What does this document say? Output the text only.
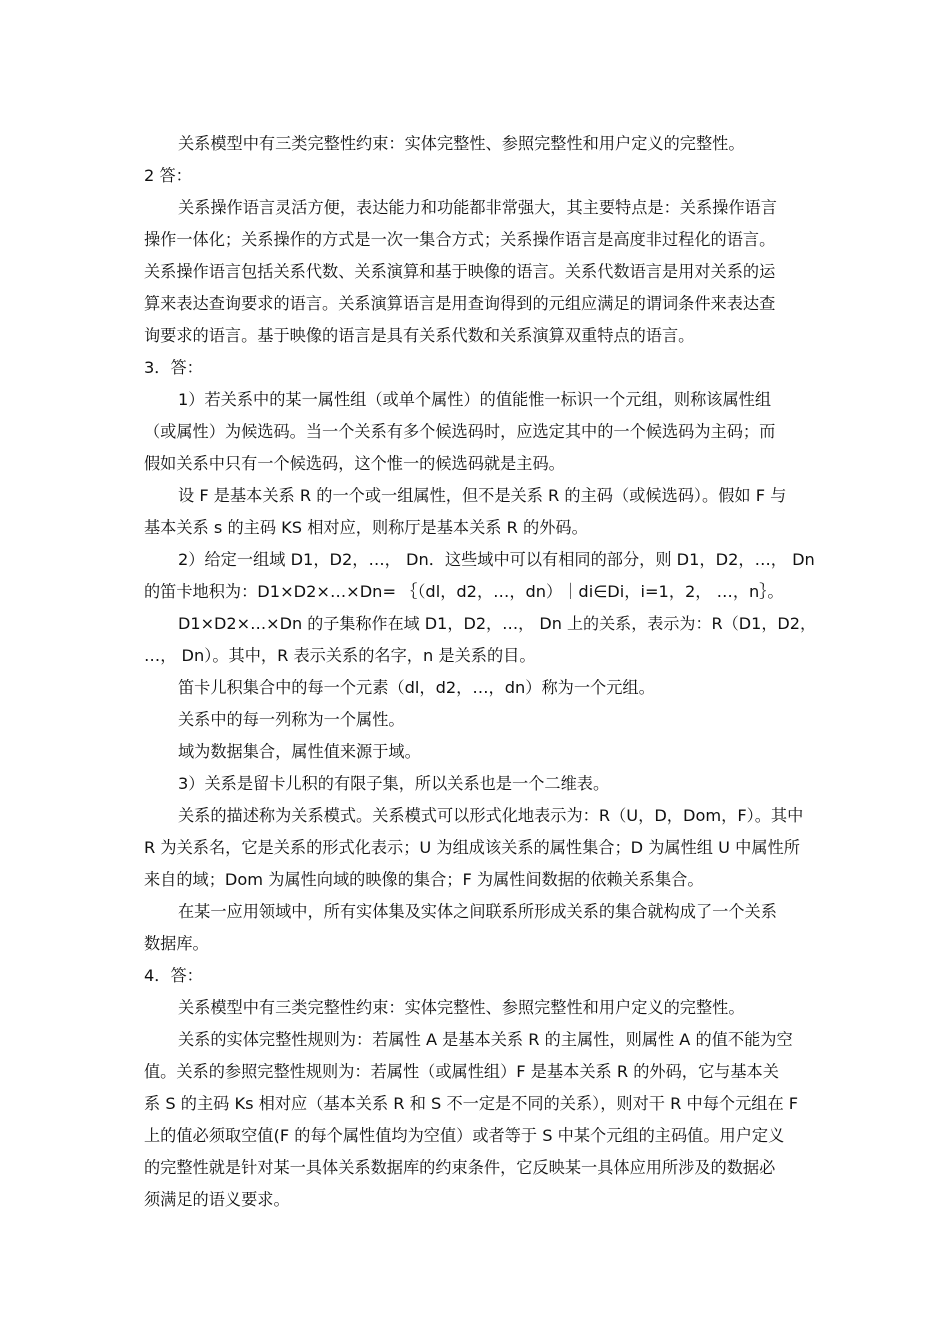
关系模型中有三类完整性约束：实体完整性、参照完整性和用户定义的完整性。
2 答：
关系操作语言灵活方便，表达能力和功能都非常强大，其主要特点是：关系操作语言
操作一体化；关系操作的方式是一次一集合方式；关系操作语言是高度非过程化的语言。
关系操作语言包括关系代数、关系演算和基于映像的语言。关系代数语言是用对关系的运
算来表达查询要求的语言。关系演算语言是用查询得到的元组应满足的谓词条件来表达查
询要求的语言。基于映像的语言是具有关系代数和关系演算双重特点的语言。
3．答：
1）若关系中的某一属性组（或单个属性）的值能惟一标识一个元组，则称该属性组
（或属性）为候选码。当一个关系有多个候选码时，应选定其中的一个候选码为主码；而
假如关系中只有一个候选码，这个惟一的候选码就是主码。
设 F 是基本关系 R 的一个或一组属性，但不是关系 R 的主码（或候选码）。假如 F 与
基本关系 s 的主码 KS 相对应，则称厅是基本关系 R 的外码。
2）给定一组域 D1，D2，…， Dn．这些域中可以有相同的部分，则 D1，D2，…， Dn
的笛卡地积为：D1×D2×…×Dn= ｛（dl，d2，…，dn）｜di∈Di，i=1，2， …，n｝。
D1×D2×…×Dn 的子集称作在域 D1，D2，…， Dn 上的关系，表示为：R（D1，D2，
…， Dn）。其中，R 表示关系的名字，n 是关系的目。
笛卡儿积集合中的每一个元素（dl，d2，…，dn）称为一个元组。
关系中的每一列称为一个属性。
域为数据集合，属性值来源于域。
3）关系是留卡儿积的有限子集，所以关系也是一个二维表。
关系的描述称为关系模式。关系模式可以形式化地表示为：R（U，D，Dom，F）。其中
R 为关系名，它是关系的形式化表示；U 为组成该关系的属性集合；D 为属性组 U 中属性所
来自的域；Dom 为属性向域的映像的集合；F 为属性间数据的依赖关系集合。
在某一应用领域中，所有实体集及实体之间联系所形成关系的集合就构成了一个关系
数据库。
4．答：
关系模型中有三类完整性约束：实体完整性、参照完整性和用户定义的完整性。
关系的实体完整性规则为：若属性 A 是基本关系 R 的主属性，则属性 A 的值不能为空
值。关系的参照完整性规则为：若属性（或属性组）F 是基本关系 R 的外码，它与基本关
系 S 的主码 Ks 相对应（基本关系 R 和 S 不一定是不同的关系），则对干 R 中每个元组在 F
上的值必须取空值(F 的每个属性值均为空值）或者等于 S 中某个元组的主码值。用户定义
的完整性就是针对某一具体关系数据库的约束条件，它反映某一具体应用所涉及的数据必
须满足的语义要求。
